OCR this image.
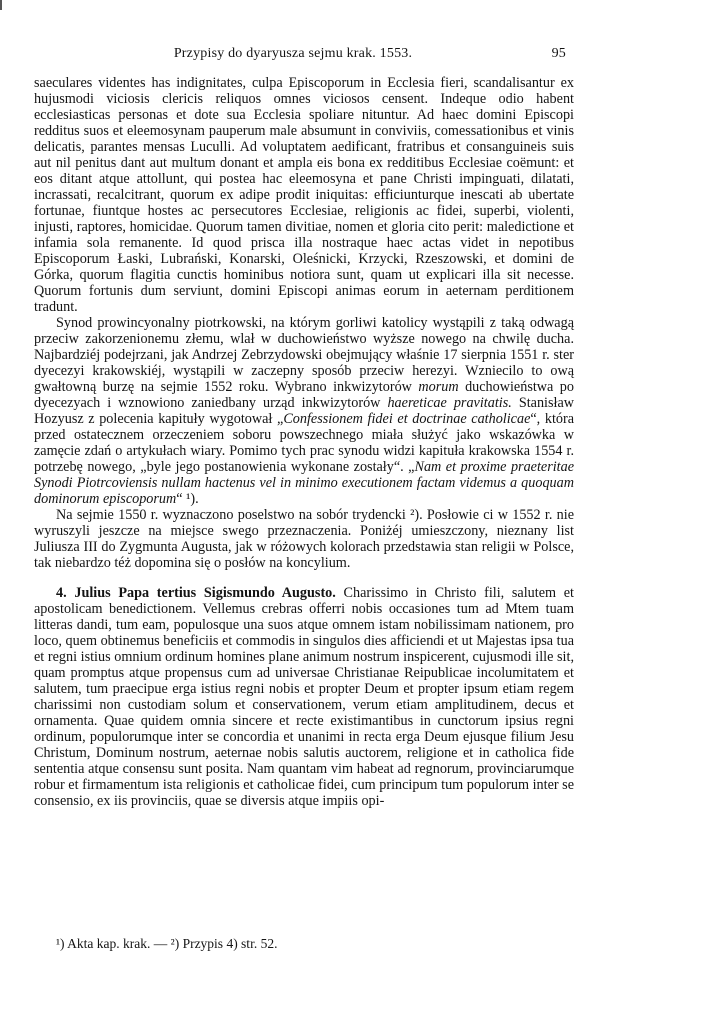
Przypisy do dyaryusza sejmu krak. 1553.	95

saeculares videntes has indignitates, culpa Episcoporum in Ecclesia fieri, scandalisantur ex hujusmodi viciosis clericis reliquos omnes viciosos censent. Indeque odio habent ecclesiasticas personas et dote sua Ecclesia spoliare nituntur. Ad haec domini Episcopi redditus suos et eleemosynam pauperum male absumunt in conviviis, comessationibus et vinis delicatis, parantes mensas Luculli. Ad voluptatem aedificant, fratribus et consanguineis suis aut nil penitus dant aut multum donant et ampla eis bona ex redditibus Ecclesiae coëmunt: et eos ditant atque attollunt, qui postea hac eleemosyna et pane Christi impinguati, dilatati, incrassati, recalcitrant, quorum ex adipe prodit iniquitas: efficiunturque inescati ab ubertate fortunae, fiuntque hostes ac persecutores Ecclesiae, religionis ac fidei, superbi, violenti, injusti, raptores, homicidae. Quorum tamen divitiae, nomen et gloria cito perit: maledictione et infamia sola remanente. Id quod prisca illa nostraque haec actas videt in nepotibus Episcoporum Łaski, Lubrański, Konarski, Oleśnicki, Krzycki, Rzeszowski, et domini de Górka, quorum flagitia cunctis hominibus notiora sunt, quam ut explicari illa sit necesse. Quorum fortunis dum serviunt, domini Episcopi animas eorum in aeternam perditionem tradunt.

Synod prowincyonalny piotrkowski, na którym gorliwi katolicy wystąpili z taką odwagą przeciw zakorzenionemu złemu, wlał w duchowieństwo wyższe nowego na chwilę ducha. Najbardziéj podejrzani, jak Andrzej Zebrzydowski obejmujący właśnie 17 sierpnia 1551 r. ster dyecezyi krakowskiéj, wystąpili w zaczepny sposób przeciw herezyi. Wzniecilo to ową gwałtowną burzę na sejmie 1552 roku. Wybrano inkwizytorów morum duchowieństwa po dyecezyach i wznowiono zaniedbany urząd inkwizytorów haereticae pravitatis. Stanisław Hozyusz z polecenia kapituły wygotował „Confessionem fidei et doctrinae catholicae“, która przed ostatecznem orzeczeniem soboru powszechnego miała służyć jako wskazówka w zamęcie zdań o artykułach wiary. Pomimo tych prac synodu widzi kapituła krakowska 1554 r. potrzebę nowego, „byle jego postanowienia wykonane zostały“. „Nam et proxime praeteritae Synodi Piotrcoviensis nullam hactenus vel in minimo executionem factam videmus a quoquam dominorum episcoporum“ ¹).

Na sejmie 1550 r. wyznaczono poselstwo na sobór trydencki ²). Posłowie ci w 1552 r. nie wyruszyli jeszcze na miejsce swego przeznaczenia. Poniżéj umieszczony, nieznany list Juliusza III do Zygmunta Augusta, jak w różowych kolorach przedstawia stan religii w Polsce, tak niebardzo téż dopomina się o posłów na koncylium.

4. Julius Papa tertius Sigismundo Augusto. Charissimo in Christo fili, salutem et apostolicam benedictionem. Vellemus crebras offerri nobis occasiones tum ad Mtem tuam litteras dandi, tum eam, populosque una suos atque omnem istam nobilissimam nationem, pro loco, quem obtinemus beneficiis et commodis in singulos dies afficiendi et ut Majestas ipsa tua et regni istius omnium ordinum homines plane animum nostrum inspicerent, cujusmodi ille sit, quam promptus atque propensus cum ad universae Christianae Reipublicae incolumitatem et salutem, tum praecipue erga istius regni nobis et propter Deum et propter ipsum etiam regem charissimi non custodiam solum et conservationem, verum etiam amplitudinem, decus et ornamenta. Quae quidem omnia sincere et recte existimantibus in cunctorum ipsius regni ordinum, populorumque inter se concordia et unanimi in recta erga Deum ejusque filium Jesu Christum, Dominum nostrum, aeternae nobis salutis auctorem, religione et in catholica fide sententia atque consensu sunt posita. Nam quantam vim habeat ad regnorum, provinciarumque robur et firmamentum ista religionis et catholicae fidei, cum principum tum populorum inter se consensio, ex iis provinciis, quae se diversis atque impiis opi-

¹) Akta kap. krak. — ²) Przypis 4) str. 52.
